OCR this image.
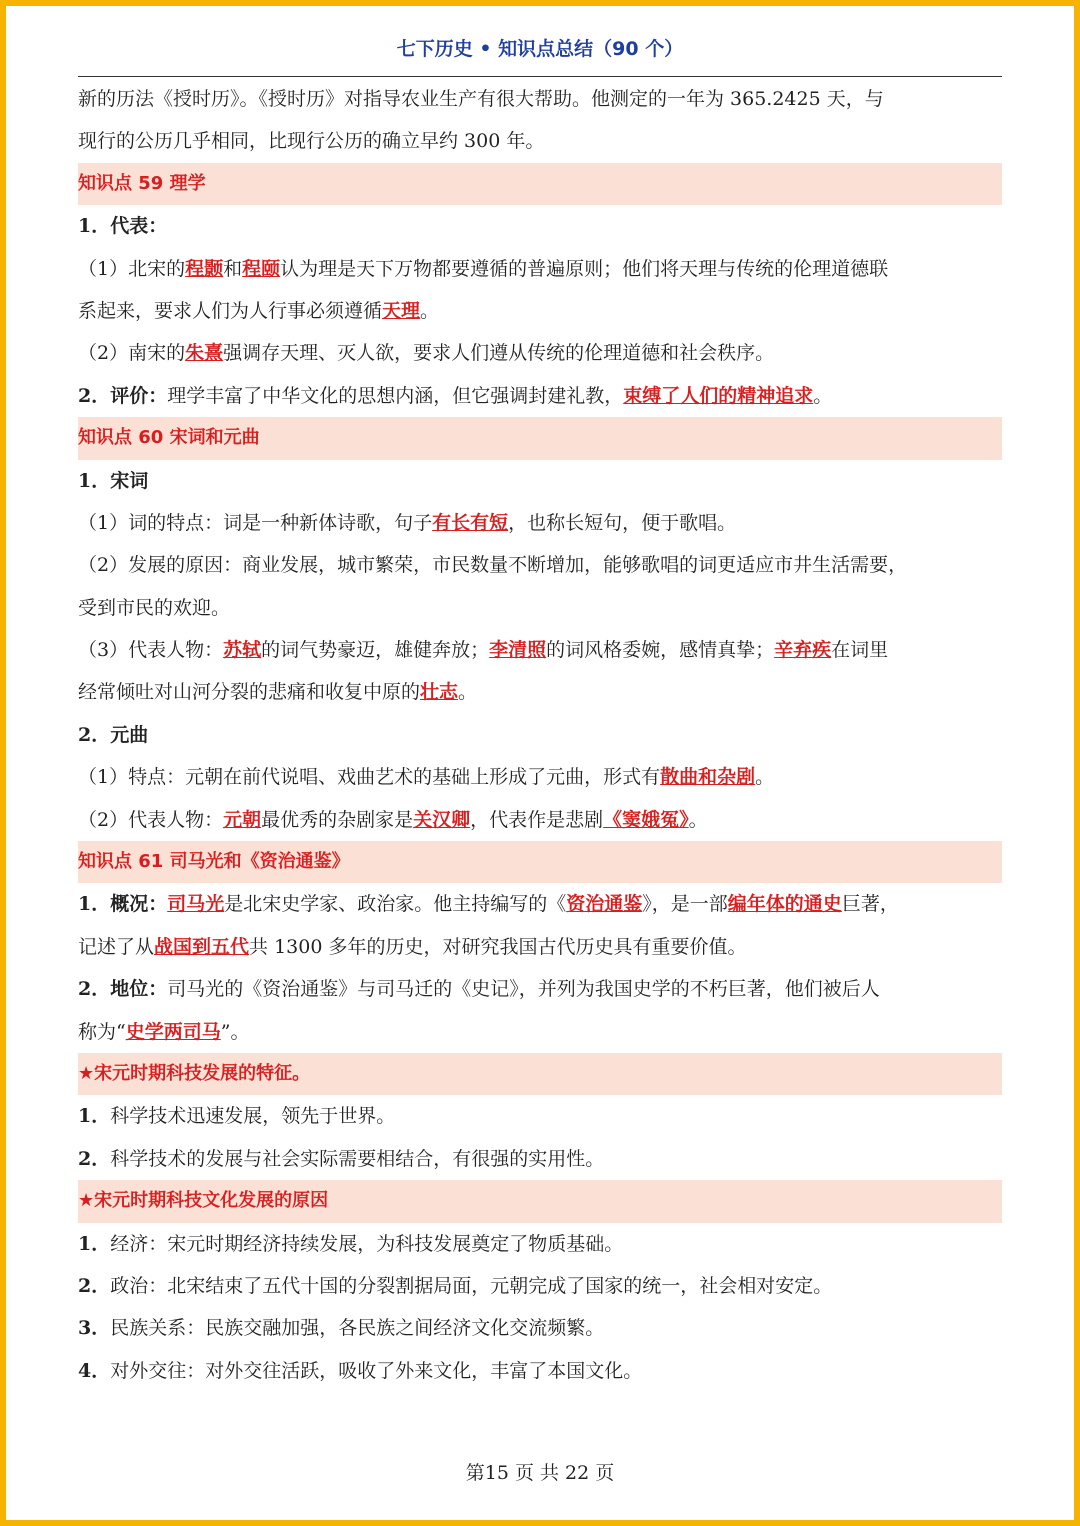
七下历史 • 知识点总结（90 个）
新的历法《授时历》。《授时历》对指导农业生产有很大帮助。他测定的一年为 365.2425 天，与
现行的公历几乎相同，比现行公历的确立早约 300 年。
知识点 59 理学
1．代表：
（1）北宋的程颢和程颐认为理是天下万物都要遵循的普遍原则；他们将天理与传统的伦理道德联
系起来，要求人们为人行事必须遵循天理。
（2）南宋的朱熹强调存天理、灭人欲，要求人们遵从传统的伦理道德和社会秩序。
2．评价：理学丰富了中华文化的思想内涵，但它强调封建礼教，束缚了人们的精神追求。
知识点 60 宋词和元曲
1．宋词
（1）词的特点：词是一种新体诗歌，句子有长有短，也称长短句，便于歌唱。
（2）发展的原因：商业发展，城市繁荣，市民数量不断增加，能够歌唱的词更适应市井生活需要，
受到市民的欢迎。
（3）代表人物：苏轼的词气势豪迈，雄健奔放；李清照的词风格委婉，感情真挚；辛弃疾在词里
经常倾吐对山河分裂的悲痛和收复中原的壮志。
2．元曲
（1）特点：元朝在前代说唱、戏曲艺术的基础上形成了元曲，形式有散曲和杂剧。
（2）代表人物：元朝最优秀的杂剧家是关汉卿，代表作是悲剧《窦娥冤》。
知识点 61 司马光和《资治通鉴》
1．概况：司马光是北宋史学家、政治家。他主持编写的《资治通鉴》，是一部编年体的通史巨著，
记述了从战国到五代共 1300 多年的历史，对研究我国古代历史具有重要价值。
2．地位：司马光的《资治通鉴》与司马迁的《史记》，并列为我国史学的不朽巨著，他们被后人
称为“史学两司马”。
★宋元时期科技发展的特征。
1．科学技术迅速发展，领先于世界。
2．科学技术的发展与社会实际需要相结合，有很强的实用性。
★宋元时期科技文化发展的原因
1．经济：宋元时期经济持续发展，为科技发展奠定了物质基础。
2．政治：北宋结束了五代十国的分裂割据局面，元朝完成了国家的统一，社会相对安定。
3．民族关系：民族交融加强，各民族之间经济文化交流频繁。
4．对外交往：对外交往活跃，吸收了外来文化，丰富了本国文化。
第15 页 共 22 页
